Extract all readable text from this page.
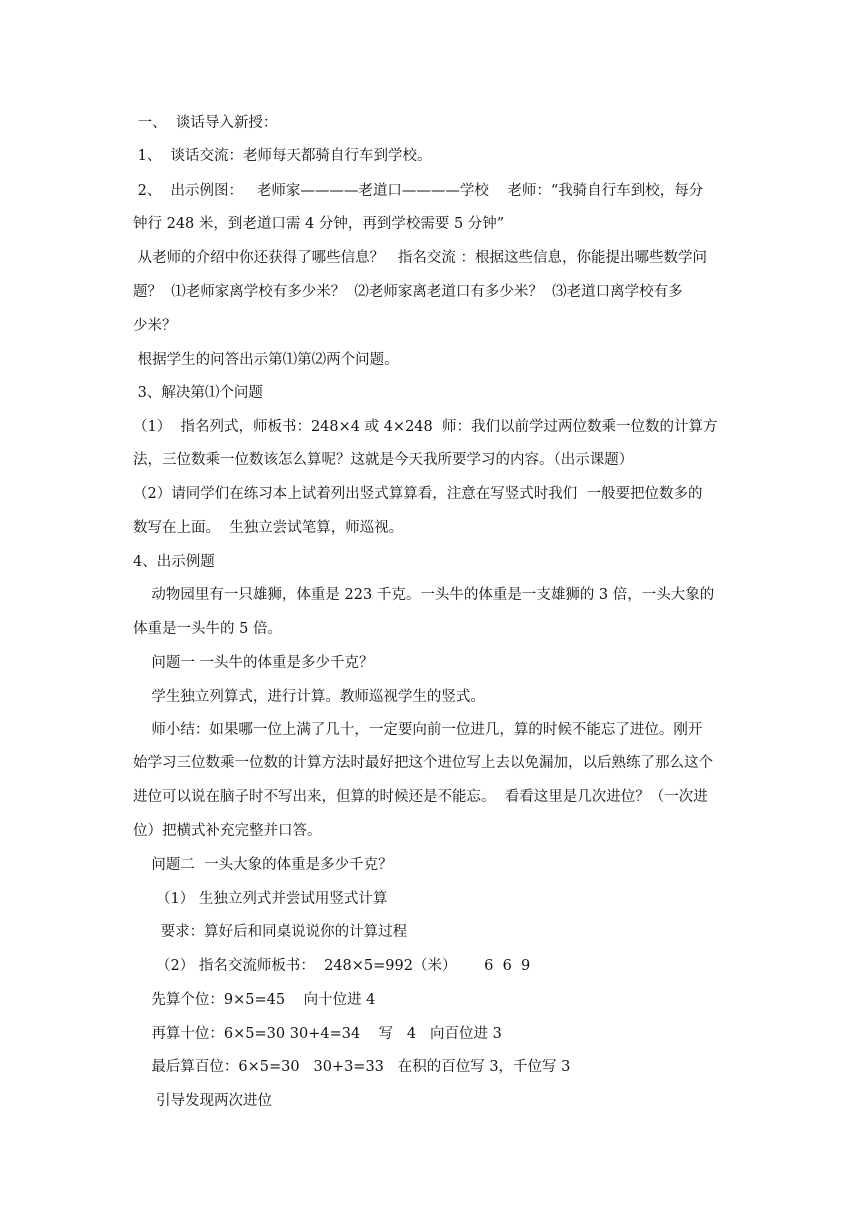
一、  谈话导入新授：
1、  谈话交流：老师每天都骑自行车到学校。
2、  出示例图：   老师家————老道口————学校    老师：“我骑自行车到校，每分
钟行 248 米，到老道口需 4 分钟，再到学校需要 5 分钟”
从老师的介绍中你还获得了哪些信息？   指名交流 ：根据这些信息，你能提出哪些数学问
题？  ⑴老师家离学校有多少米？  ⑵老师家离老道口有多少米？  ⑶老道口离学校有多
少米？
根据学生的问答出示第⑴第⑵两个问题。
3、解决第⑴个问题
（1）  指名列式，师板书：248×4 或 4×248  师：我们以前学过两位数乘一位数的计算方
法，三位数乘一位数该怎么算呢？这就是今天我所要学习的内容。（出示课题）
（2）请同学们在练习本上试着列出竖式算算看，注意在写竖式时我们  一般要把位数多的
数写在上面。  生独立尝试笔算，师巡视。
4、出示例题
动物园里有一只雄狮，体重是 223 千克。一头牛的体重是一支雄狮的 3 倍，一头大象的
体重是一头牛的 5 倍。
问题一 一头牛的体重是多少千克？
学生独立列算式，进行计算。教师巡视学生的竖式。
师小结：如果哪一位上满了几十，一定要向前一位进几，算的时候不能忘了进位。刚开
始学习三位数乘一位数的计算方法时最好把这个进位写上去以免漏加，以后熟练了那么这个
进位可以说在脑子时不写出来，但算的时候还是不能忘。  看看这里是几次进位？（一次进
位）把横式补充完整并口答。
问题二  一头大象的体重是多少千克？
（1） 生独立列式并尝试用竖式计算
要求：算好后和同桌说说你的计算过程
（2） 指名交流师板书：  248×5=992（米）      6  6  9
先算个位：9×5=45    向十位进 4
再算十位：6×5=30 30+4=34    写   4   向百位进 3
最后算百位：6×5=30   30+3=33   在积的百位写 3，千位写 3
引导发现两次进位
